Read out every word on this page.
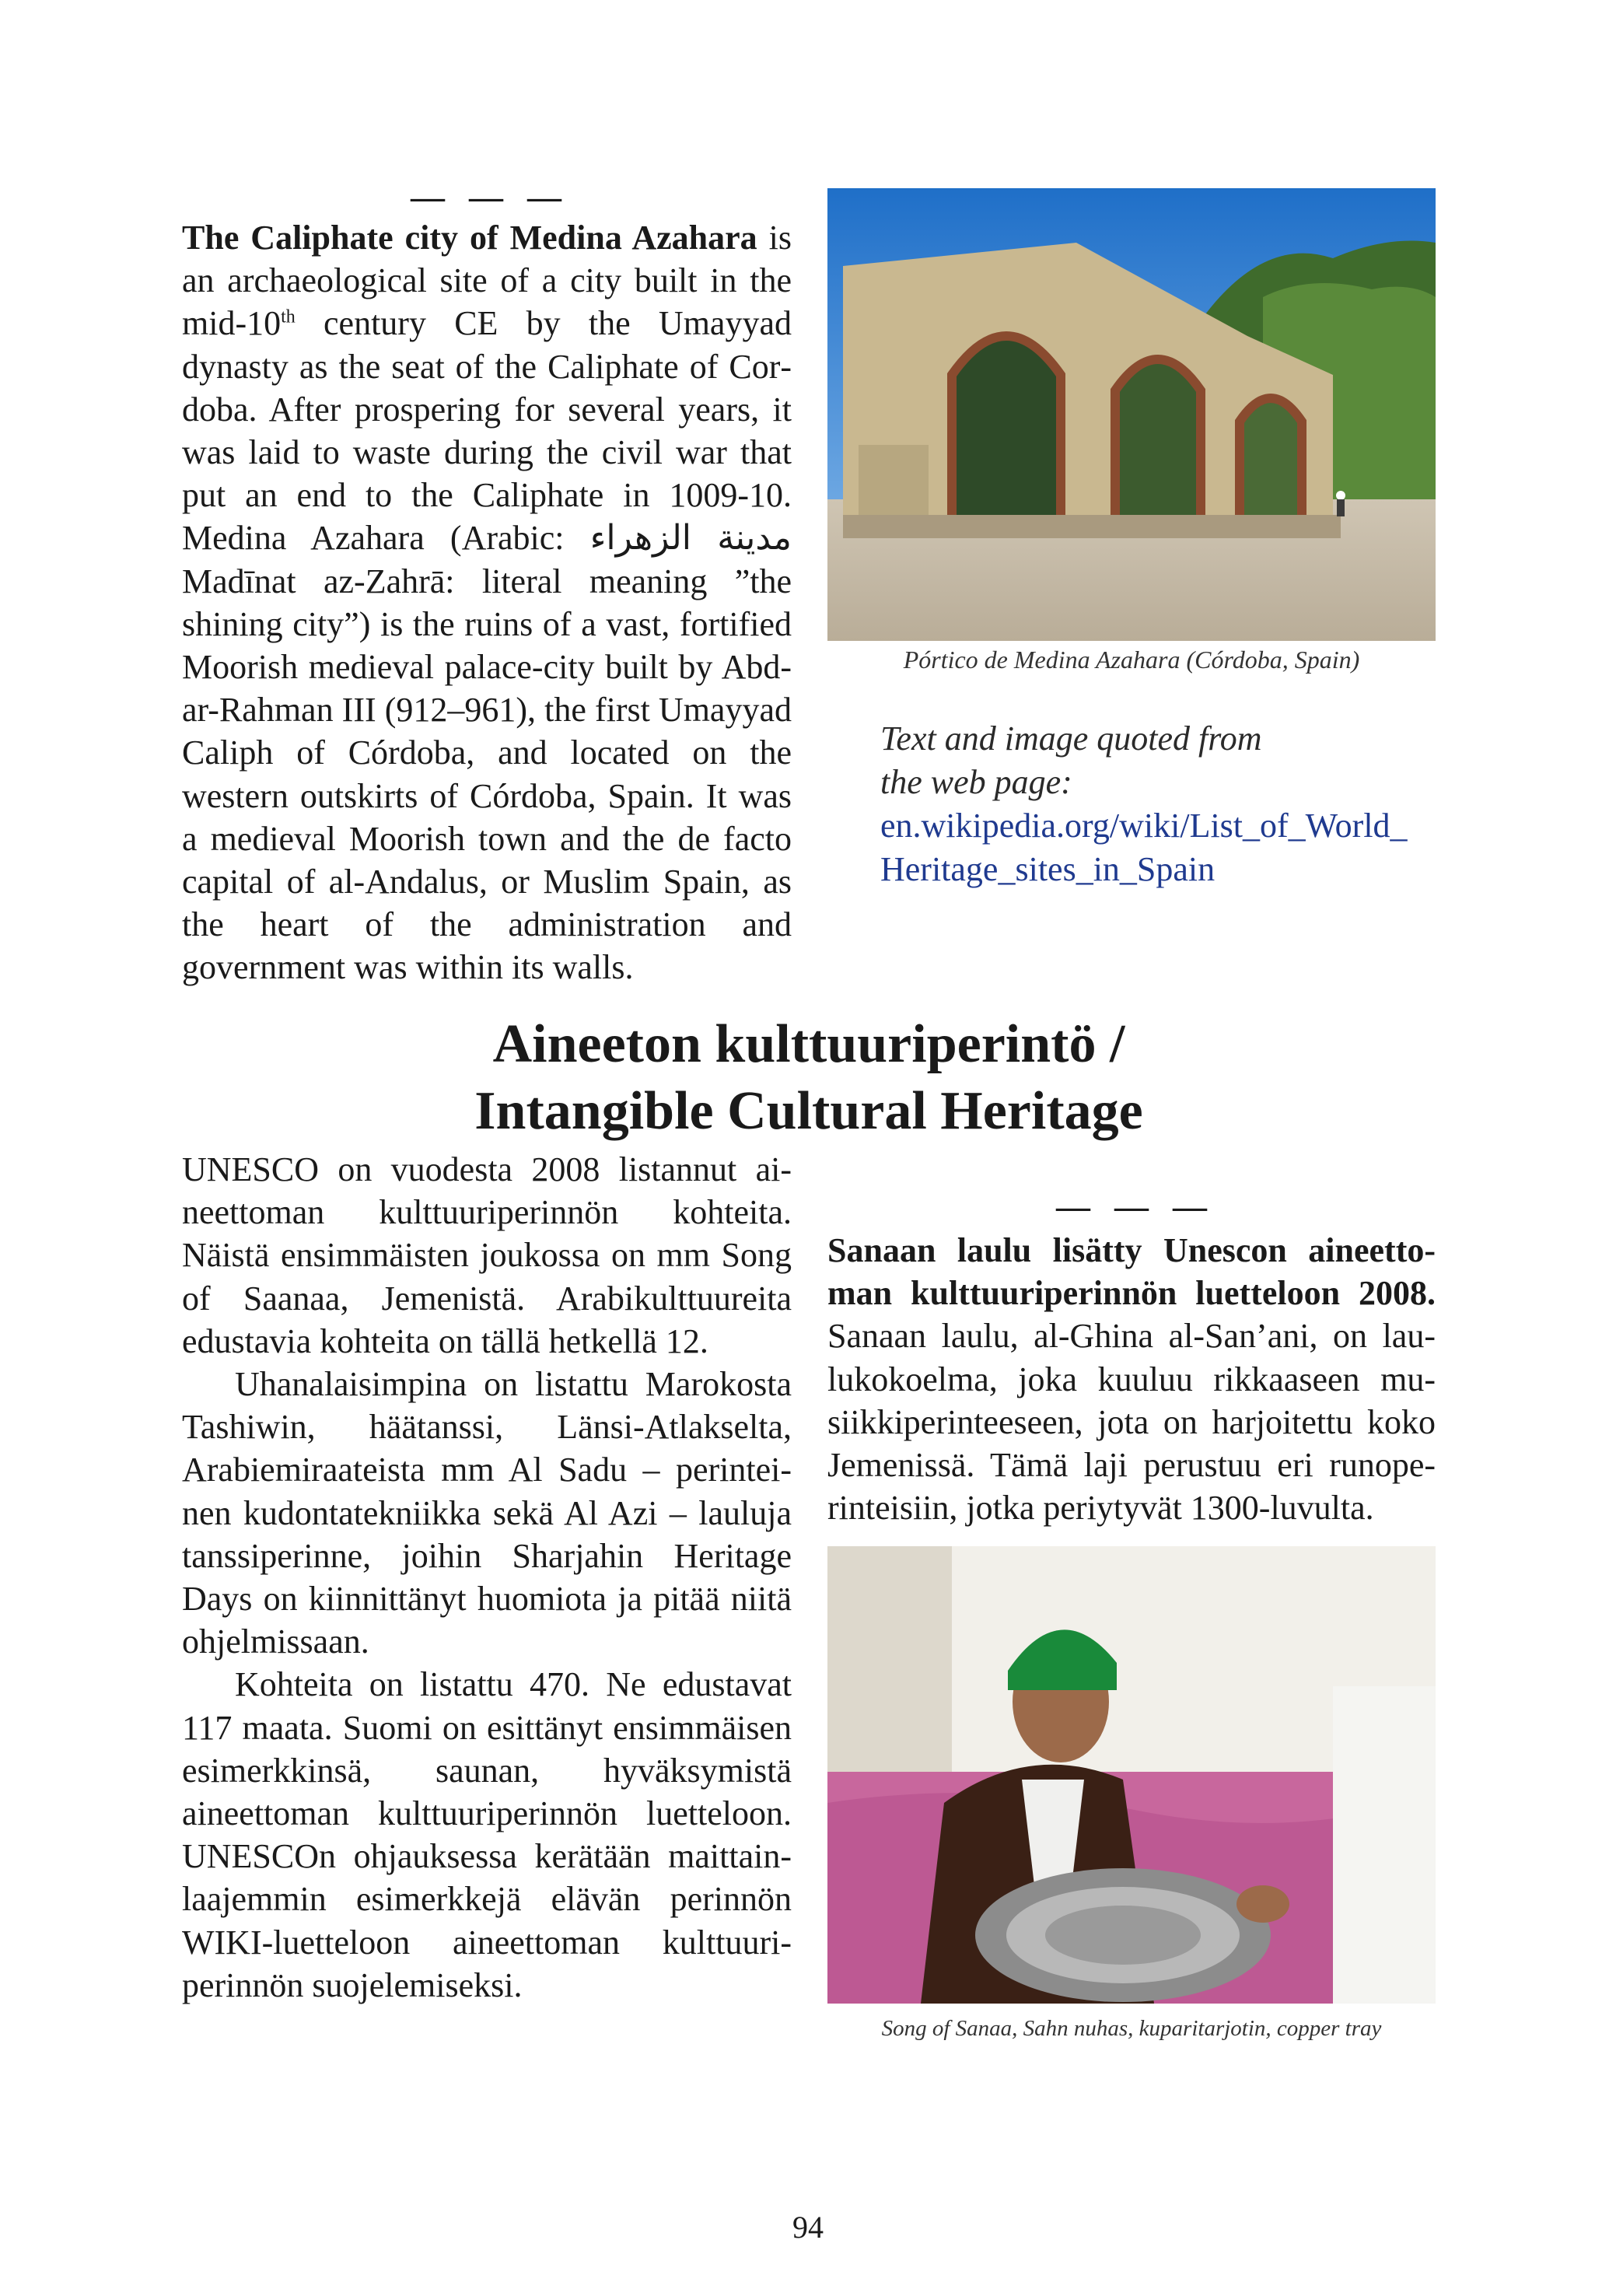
— — —

The Caliphate city of Medina Azahara is an archaeological site of a city built in the mid-10th century CE by the Umayyad dynasty as the seat of the Caliphate of Cordoba. After prospering for several years, it was laid to waste during the civil war that put an end to the Caliphate in 1009-10. Medina Azahara (Arabic: مدينة الزهراء Madīnat az-Zahrā: literal meaning ”the shining city”) is the ruins of a vast, fortified Moorish medieval palace-city built by Abd-ar-Rahman III (912–961), the first Umayyad Caliph of Córdoba, and located on the western outskirts of Córdoba, Spain. It was a medieval Moorish town and the de facto capital of al-Andalus, or Muslim Spain, as the heart of the administration and government was within its walls.

Pórtico de Medina Azahara (Córdoba, Spain)
Text and image quoted from
the web page:
en.wikipedia.org/wiki/List_of_World_
Heritage_sites_in_Spain
Aineeton kulttuuriperintö /
Intangible Cultural Heritage

UNESCO on vuodesta 2008 listannut aineettoman kulttuuriperinnön kohteita. Näistä ensimmäisten joukossa on mm Song of Saanaa, Jemenistä. Arabikulttuureita edustavia kohteita on tällä hetkellä 12.

Uhanalaisimpina on listattu Marokosta Tashiwin, häätanssi, Länsi-Atlakselta, Arabiemiraateista mm Al Sadu – perinteinen kudontatekniikka sekä Al Azi – lauluja tanssiperinne, joihin Sharjahin Heritage Days on kiinnittänyt huomiota ja pitää niitä ohjelmissaan.

Kohteita on listattu 470. Ne edustavat 117 maata. Suomi on esittänyt ensimmäisen esimerkkinsä, saunan, hyväksymistä aineettoman kulttuuriperinnön luetteloon. UNESCOn ohjauksessa kerätään maittainlaajemmin esimerkkejä elävän perinnön WIKI-luetteloon aineettoman kulttuuriperinnön suojelemiseksi.

— — —

Sanaan laulu lisätty Unescon aineettoman kulttuuriperinnön luetteloon 2008. Sanaan laulu, al-Ghina al-San’ani, on laulukokoelma, joka kuuluu rikkaaseen musiikkiperinteeseen, jota on harjoitettu koko Jemenissä. Tämä laji perustuu eri runoperinteisiin, jotka periytyvät 1300-luvulta.

Song of Sanaa, Sahn nuhas, kuparitarjotin, copper tray
94
